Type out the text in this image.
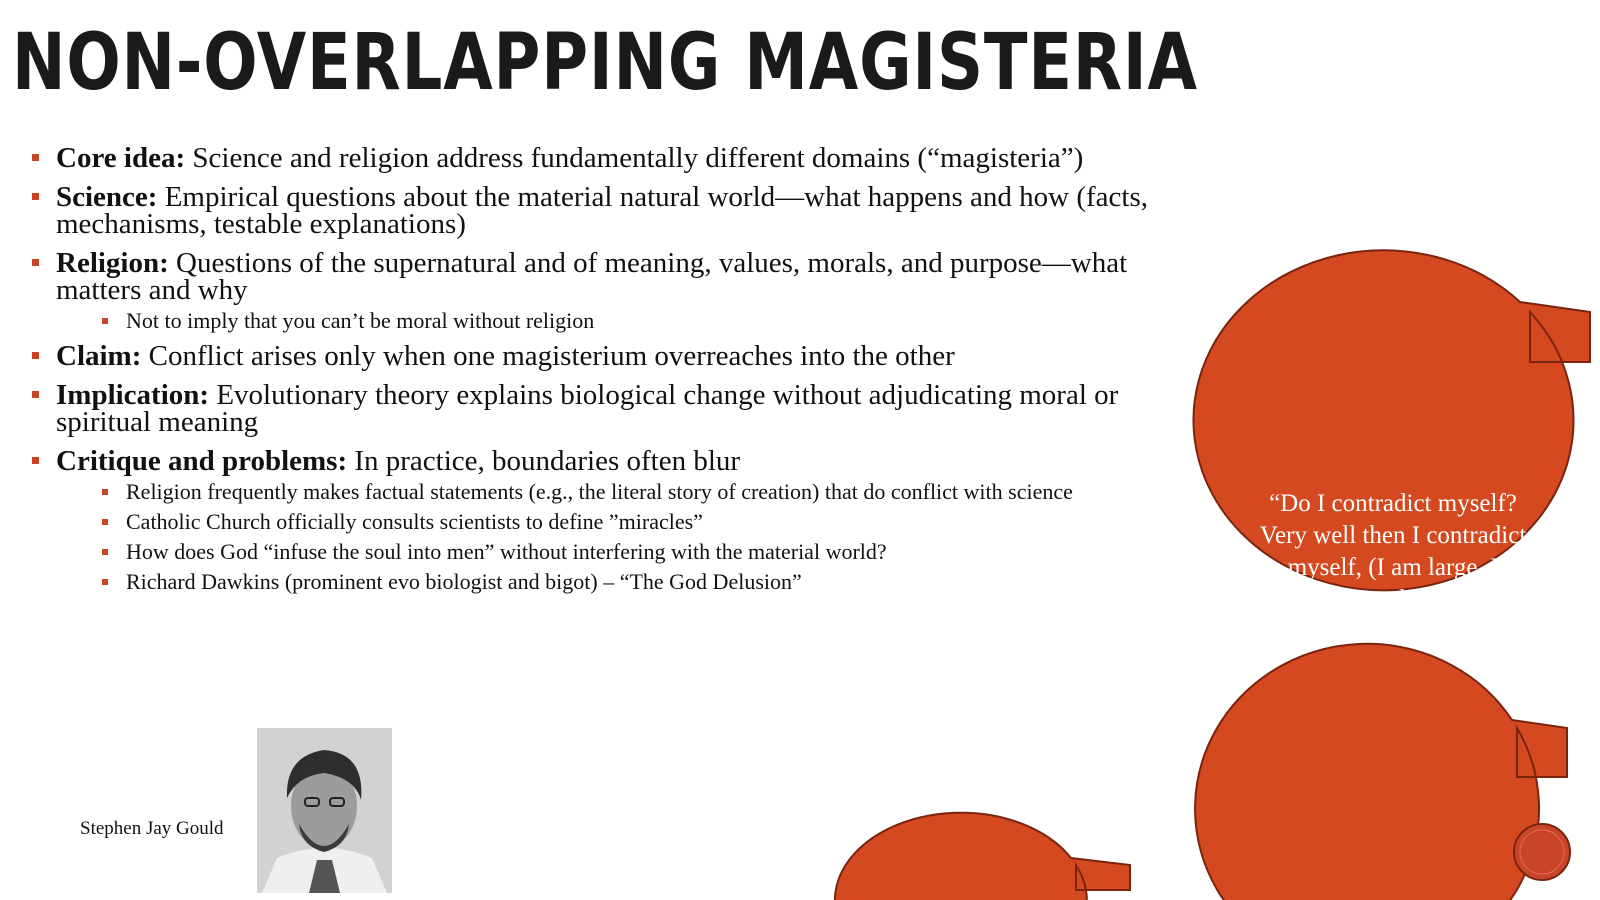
NON-OVERLAPPING MAGISTERIA
Core idea: Science and religion address fundamentally different domains (“magisteria”)
Science: Empirical questions about the material natural world—what happens and how (facts, mechanisms, testable explanations)
Religion: Questions of the supernatural and of meaning, values, morals, and purpose—what matters and why
Not to imply that you can’t be moral without religion
Claim: Conflict arises only when one magisterium overreaches into the other
Implication: Evolutionary theory explains biological change without adjudicating moral or spiritual meaning
Critique and problems: In practice, boundaries often blur
Religion frequently makes factual statements (e.g., the literal story of creation) that do conflict with science
Catholic Church officially consults scientists to define ”miracles”
How does God “infuse the soul into men” without interfering with the material world?
Richard Dawkins (prominent evo biologist and bigot) – “The God Delusion”
Stephen Jay Gould
“The test of a first-rate intelligence is the ability to hold two opposed ideas in the mind at the same time, and still retain the ability to function.”
F. Scott Fitzgerald
“Do I contradict myself? Very well then I contradict myself, (I am large, I contain multitudes.)”
Walt Whitman
“Truth cannot contradict truth”
Pope John Paul II
